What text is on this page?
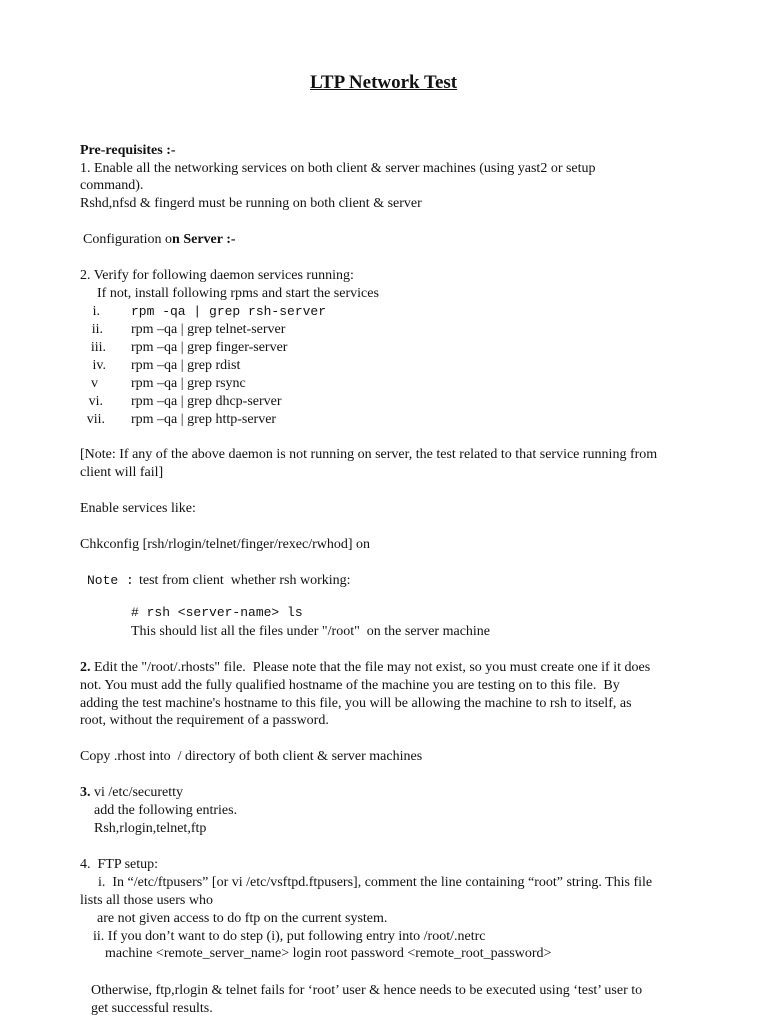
LTP Network Test
Pre-requisites :-
1. Enable all the networking services on both client & server machines (using yast2 or setup
command).
Rshd,nfsd & fingerd must be running on both client & server
Configuration on Server :-
2. Verify for following daemon services running:
If not, install following rpms and start the services
i. rpm -qa | grep rsh-server
ii. rpm –qa | grep telnet-server
iii. rpm –qa | grep finger-server
iv. rpm –qa | grep rdist
v rpm –qa | grep rsync
vi. rpm –qa | grep dhcp-server
vii. rpm –qa | grep http-server
[Note: If any of the above daemon is not running on server, the test related to that service running from
client will fail]
Enable services like:
Chkconfig [rsh/rlogin/telnet/finger/rexec/rwhod] on
Note : test from client  whether rsh working:
# rsh <server-name> ls
This should list all the files under "/root"  on the server machine
2. Edit the "/root/.rhosts" file.  Please note that the file may not exist, so you must create one if it does
not. You must add the fully qualified hostname of the machine you are testing on to this file.  By
adding the test machine's hostname to this file, you will be allowing the machine to rsh to itself, as
root, without the requirement of a password.
Copy .rhost into  / directory of both client & server machines
3. vi /etc/securetty
add the following entries.
Rsh,rlogin,telnet,ftp
4.  FTP setup:
i.  In “/etc/ftpusers” [or vi /etc/vsftpd.ftpusers], comment the line containing “root” string. This file
lists all those users who
are not given access to do ftp on the current system.
ii. If you don’t want to do step (i), put following entry into /root/.netrc
machine <remote_server_name> login root password <remote_root_password>
Otherwise, ftp,rlogin & telnet fails for ‘root’ user & hence needs to be executed using ‘test’ user to
get successful results.
